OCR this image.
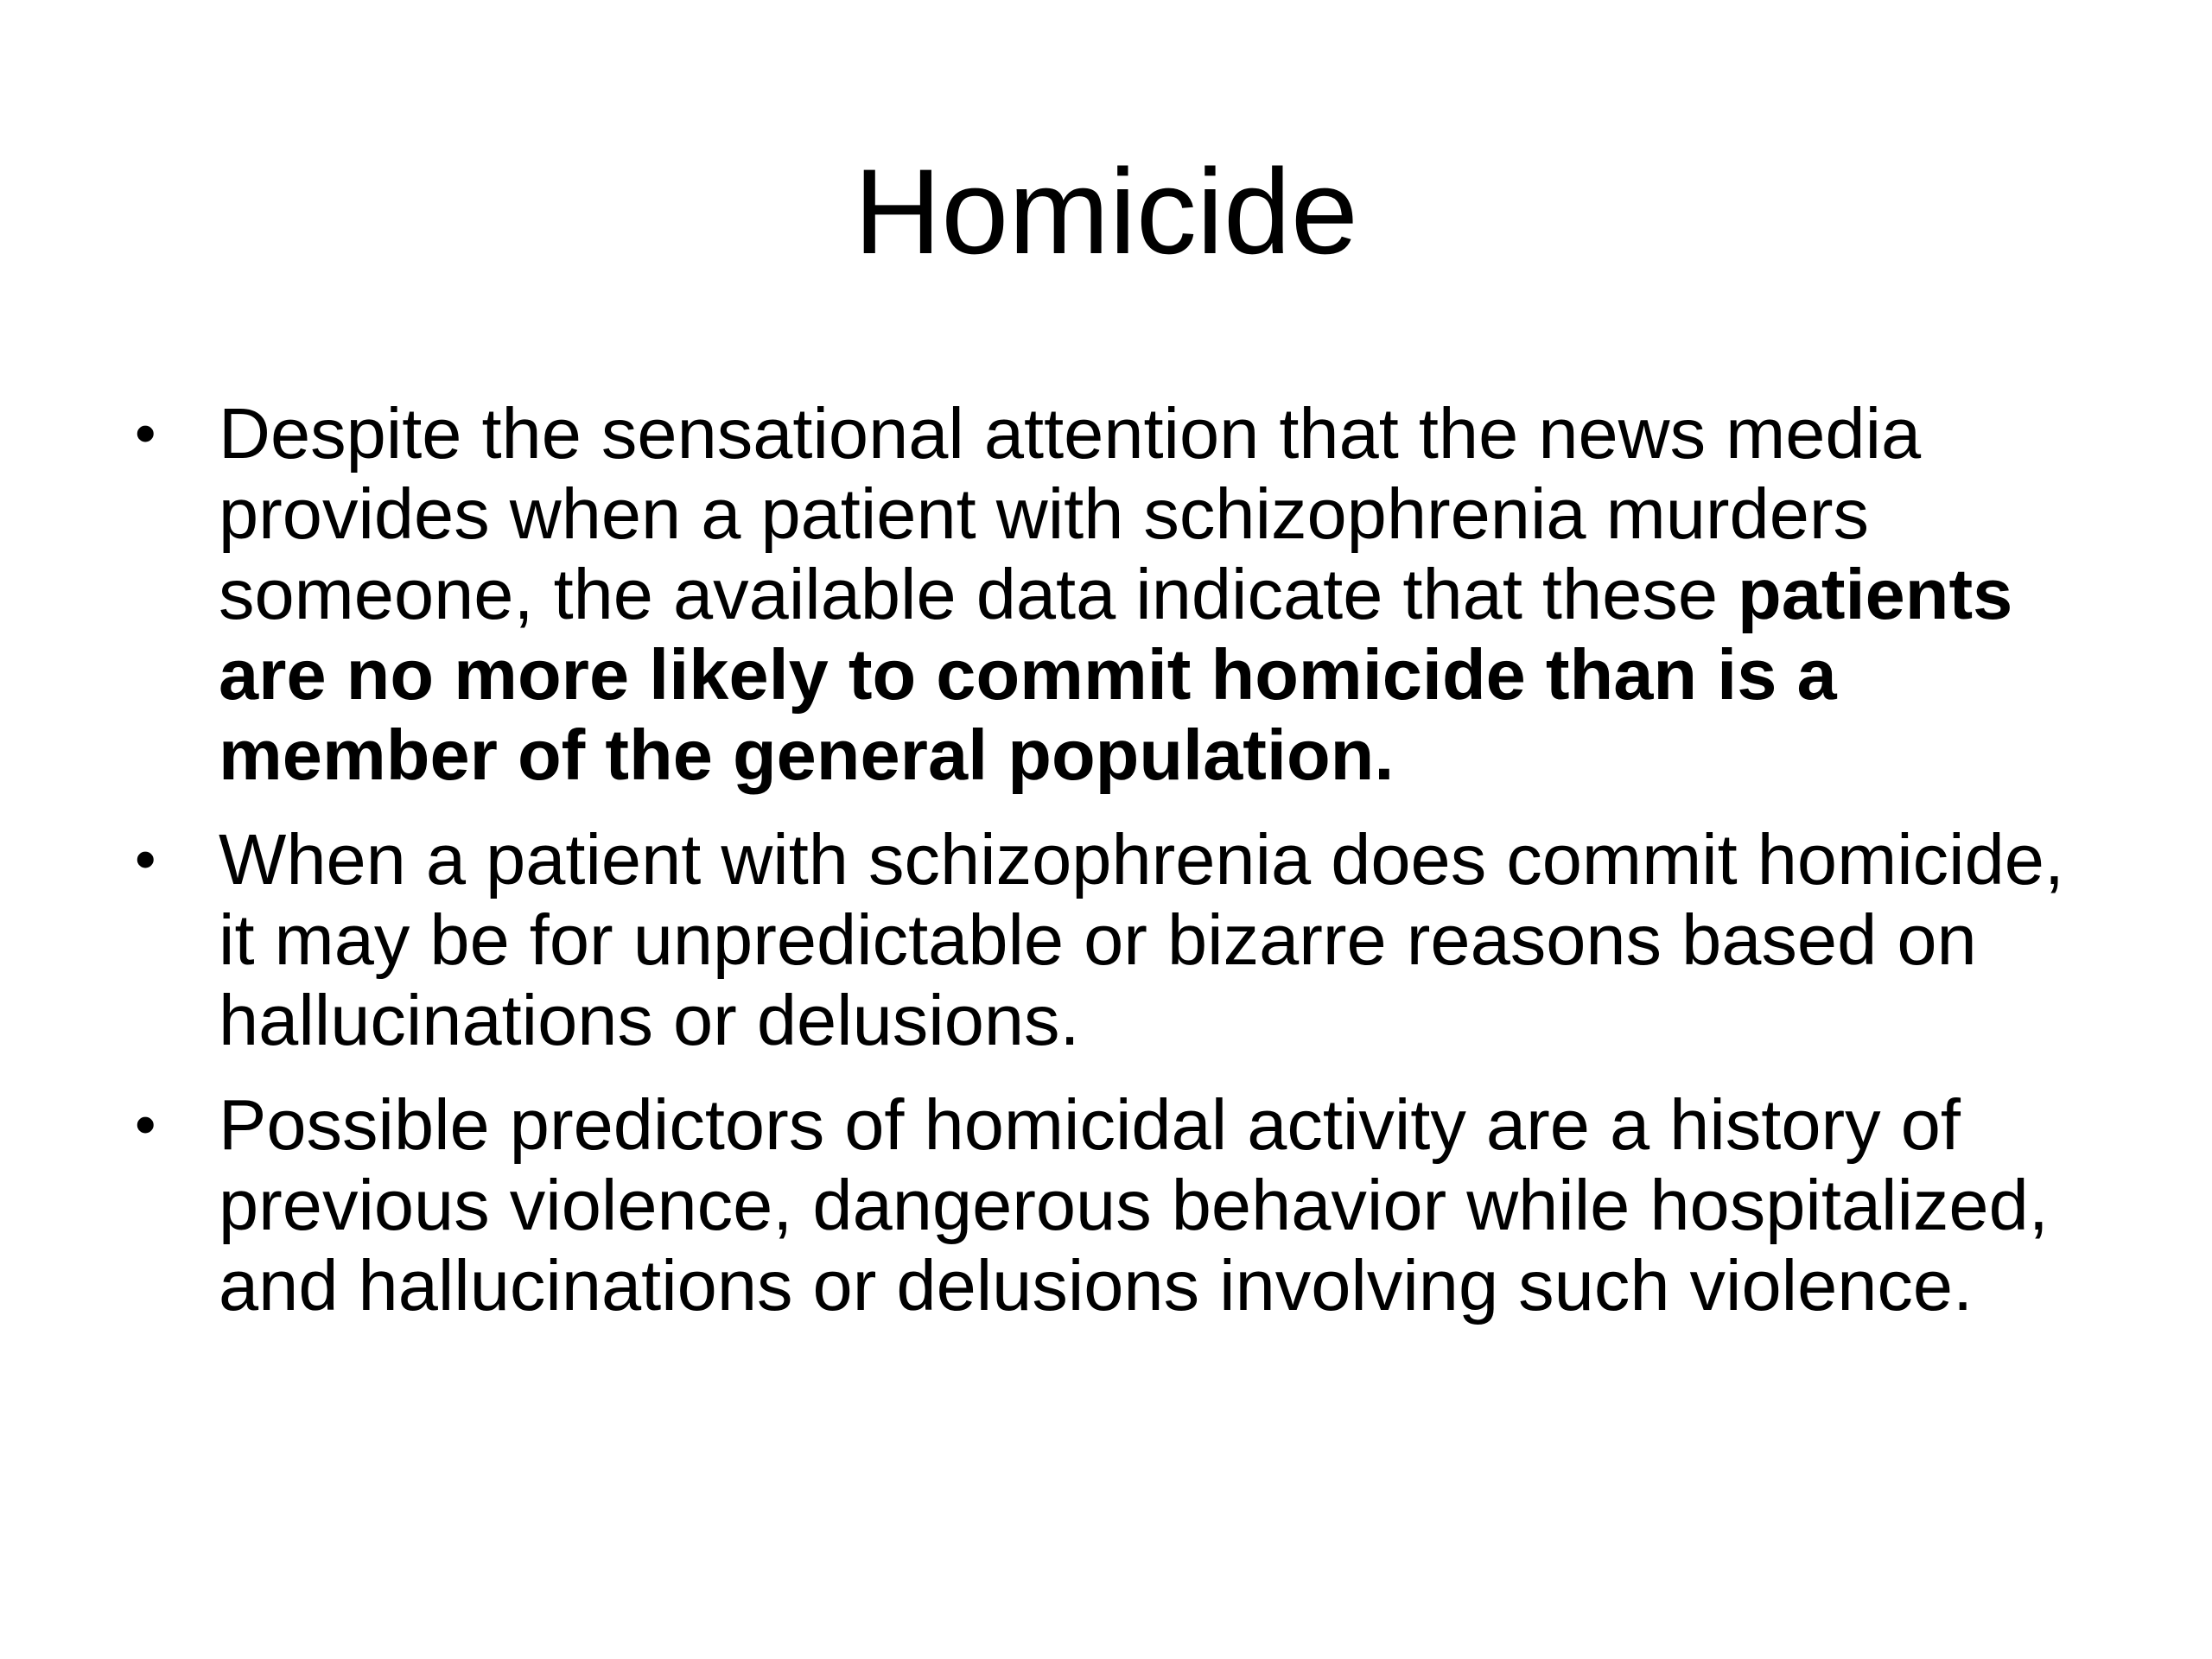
Homicide
• Despite the sensational attention that the news media provides when a patient with schizophrenia murders someone, the available data indicate that these patients are no more likely to commit homicide than is a member of the general population.
• When a patient with schizophrenia does commit homicide, it may be for unpredictable or bizarre reasons based on hallucinations or delusions.
• Possible predictors of homicidal activity are a history of previous violence, dangerous behavior while hospitalized, and hallucinations or delusions involving such violence.
